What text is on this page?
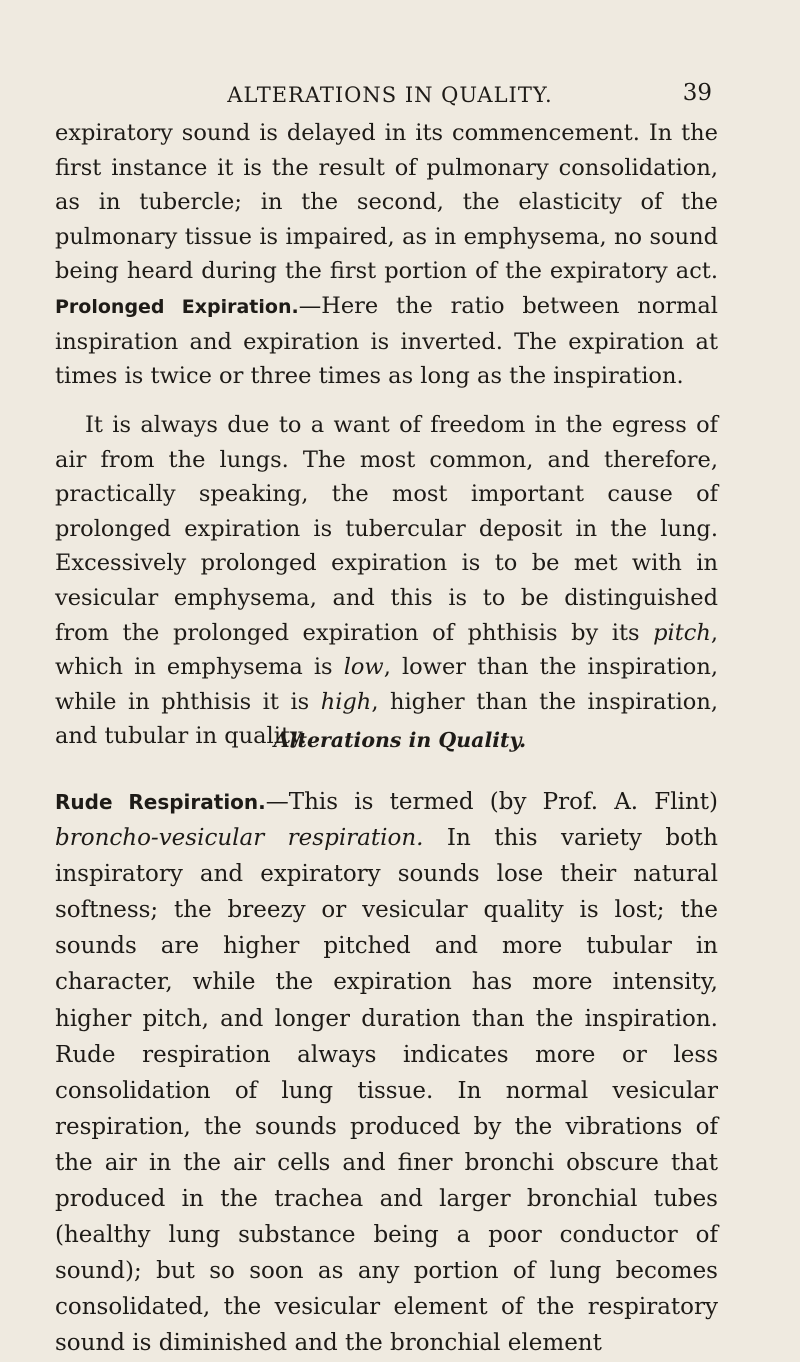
ALTERATIONS IN QUALITY.	39

expiratory sound is delayed in its commencement. In the first instance it is the result of pulmonary consolidation, as in tubercle; in the second, the elasticity of the pulmonary tissue is impaired, as in emphysema, no sound being heard during the first portion of the expiratory act. Prolonged Expiration.—Here the ratio between normal inspiration and expiration is inverted. The expiration at times is twice or three times as long as the inspiration.

It is always due to a want of freedom in the egress of air from the lungs. The most common, and therefore, practically speaking, the most important cause of prolonged expiration is tubercular deposit in the lung. Excessively prolonged expiration is to be met with in vesicular emphysema, and this is to be distinguished from the prolonged expiration of phthisis by its pitch, which in emphysema is low, lower than the inspiration, while in phthisis it is high, higher than the inspiration, and tubular in quality.

Alterations in Quality.

Rude Respiration.—This is termed (by Prof. A. Flint) broncho-vesicular respiration. In this variety both inspiratory and expiratory sounds lose their natural softness; the breezy or vesicular quality is lost; the sounds are higher pitched and more tubular in character, while the expiration has more intensity, higher pitch, and longer duration than the inspiration. Rude respiration always indicates more or less consolidation of lung tissue. In normal vesicular respiration, the sounds produced by the vibrations of the air in the air cells and finer bronchi obscure that produced in the trachea and larger bronchial tubes (healthy lung substance being a poor conductor of sound); but so soon as any portion of lung becomes consolidated, the vesicular element of the respiratory sound is diminished and the bronchial element
